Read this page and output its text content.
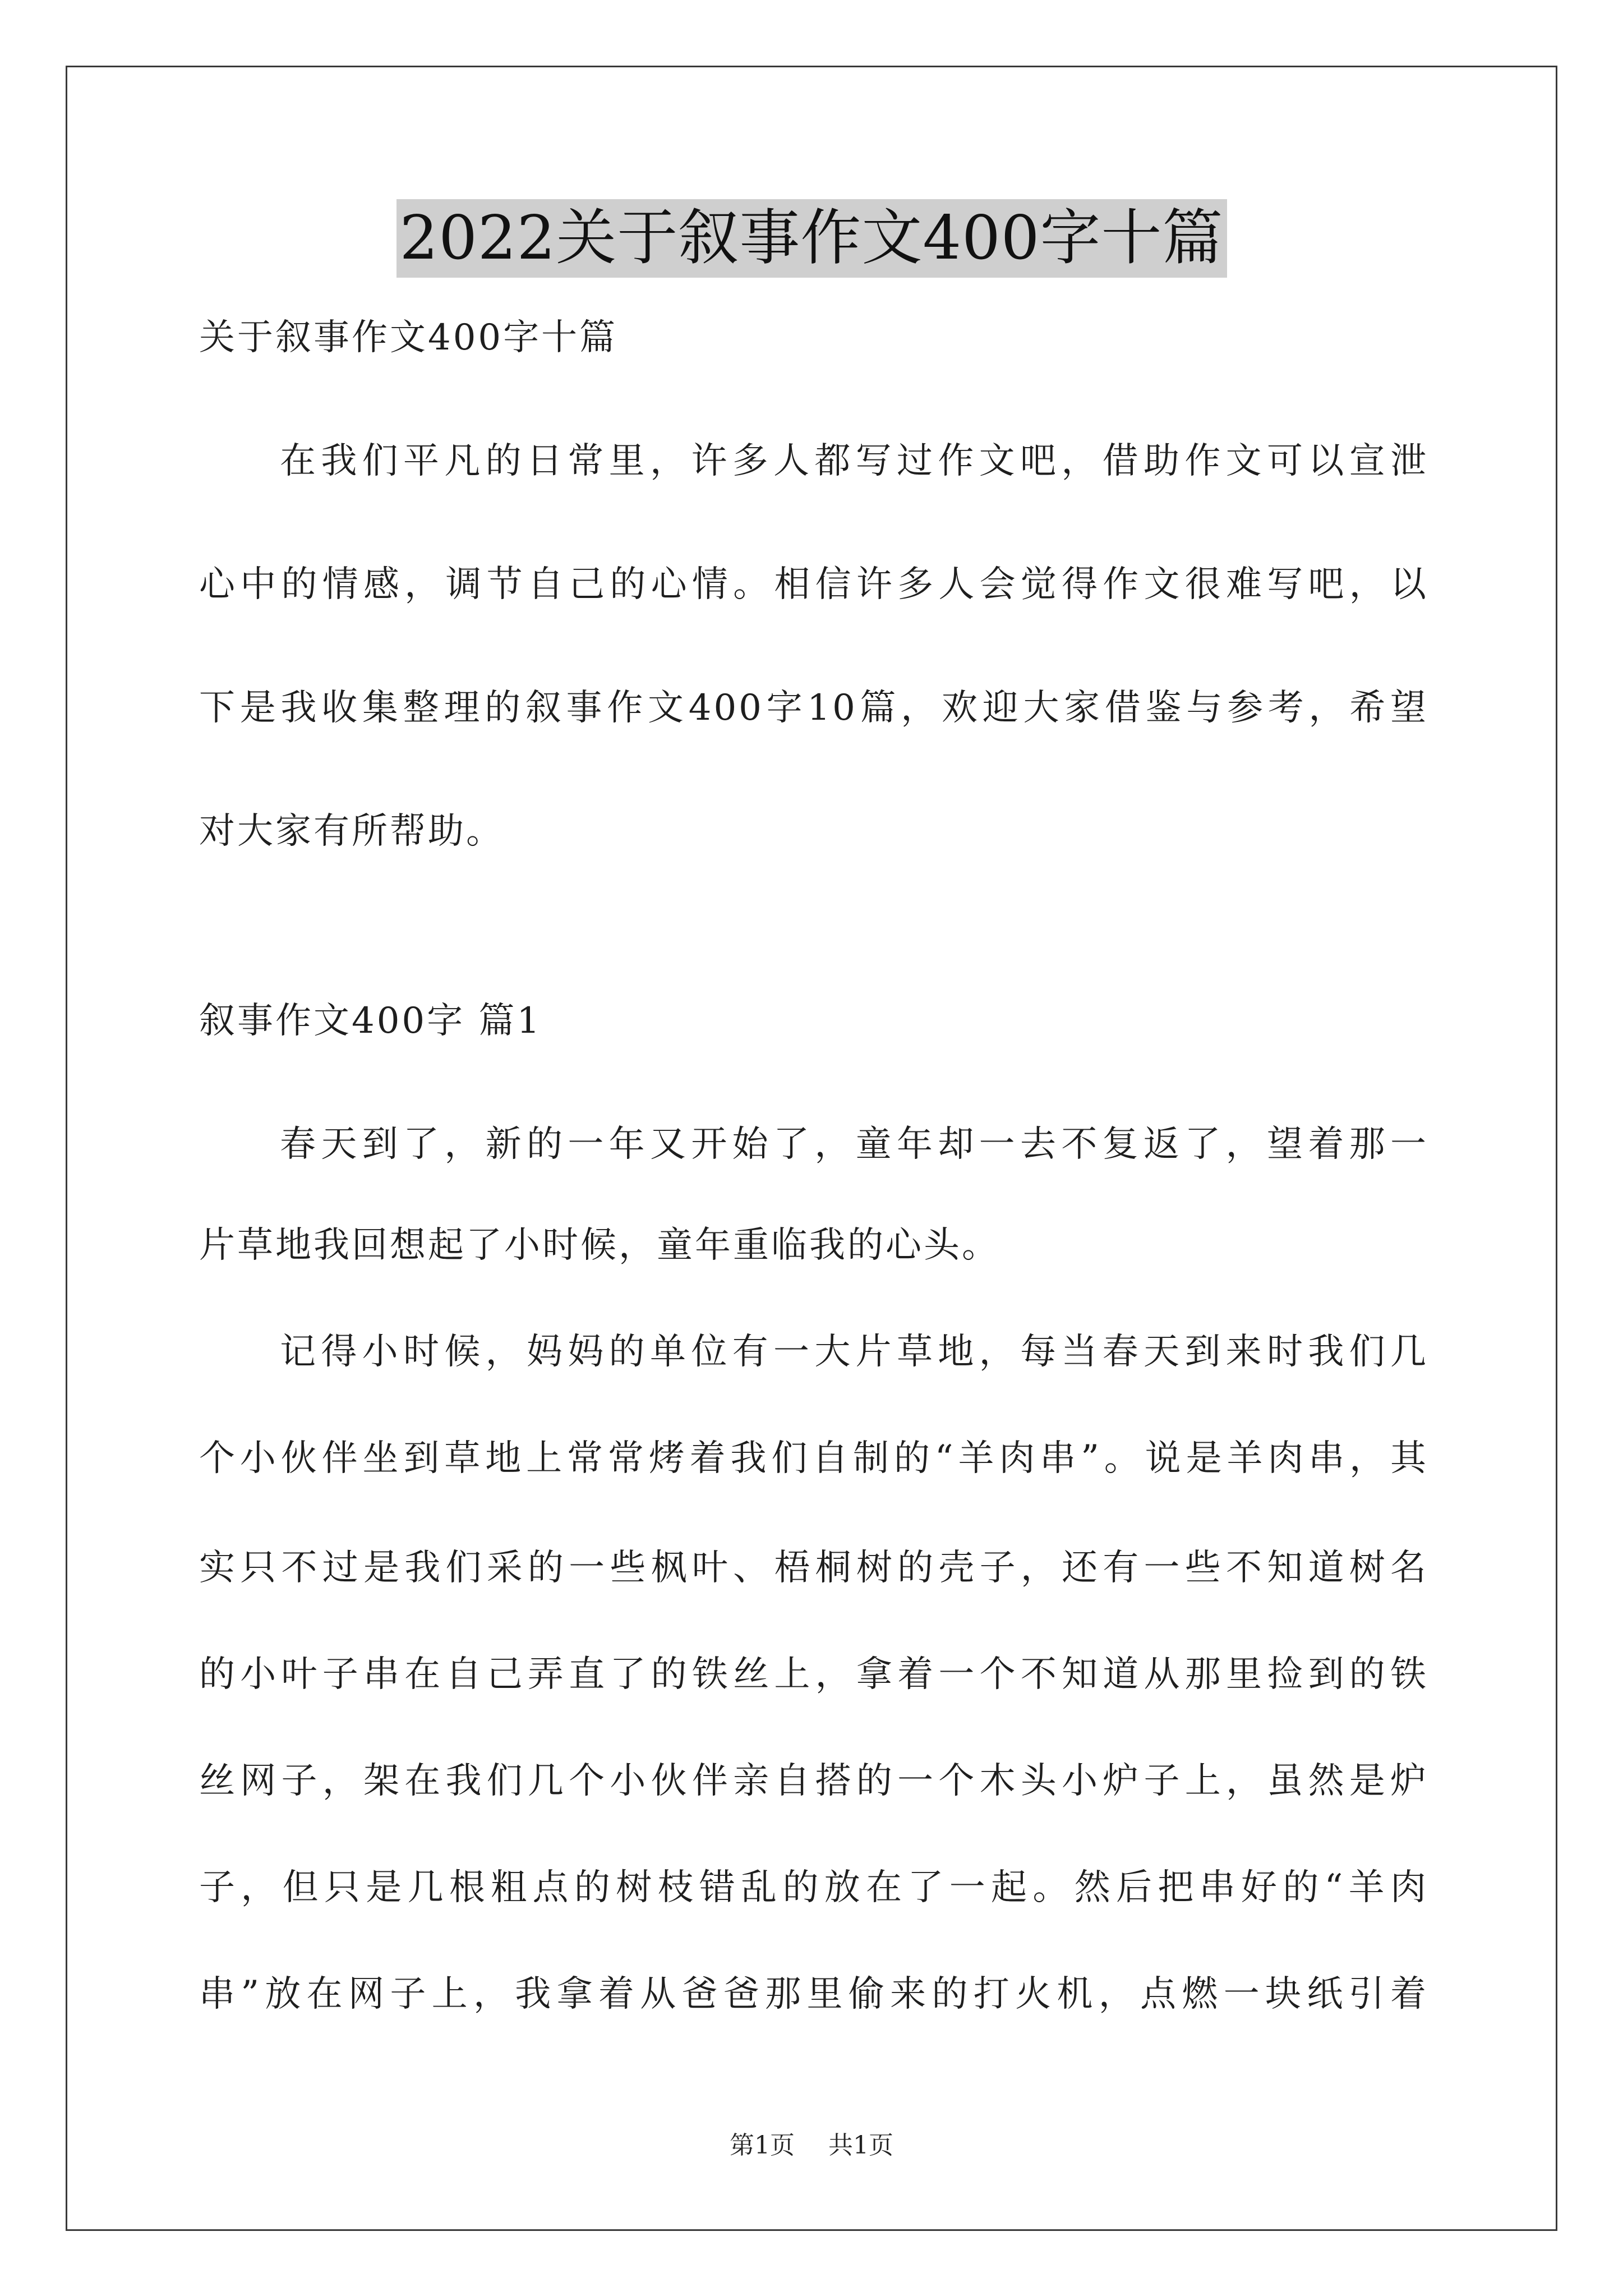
2022关于叙事作文400字十篇
关于叙事作文400字十篇
在我们平凡的日常里，许多人都写过作文吧，借助作文可以宣泄
心中的情感，调节自己的心情。相信许多人会觉得作文很难写吧，以
下是我收集整理的叙事作文400字10篇，欢迎大家借鉴与参考，希望
对大家有所帮助。
叙事作文400字 篇1
春天到了，新的一年又开始了，童年却一去不复返了，望着那一
片草地我回想起了小时候，童年重临我的心头。
记得小时候，妈妈的单位有一大片草地，每当春天到来时我们几
个小伙伴坐到草地上常常烤着我们自制的“羊肉串”。说是羊肉串，其
实只不过是我们采的一些枫叶、梧桐树的壳子，还有一些不知道树名
的小叶子串在自己弄直了的铁丝上，拿着一个不知道从那里捡到的铁
丝网子，架在我们几个小伙伴亲自搭的一个木头小炉子上，虽然是炉
子，但只是几根粗点的树枝错乱的放在了一起。然后把串好的“羊肉
串”放在网子上，我拿着从爸爸那里偷来的打火机，点燃一块纸引着
第1页 共1页
